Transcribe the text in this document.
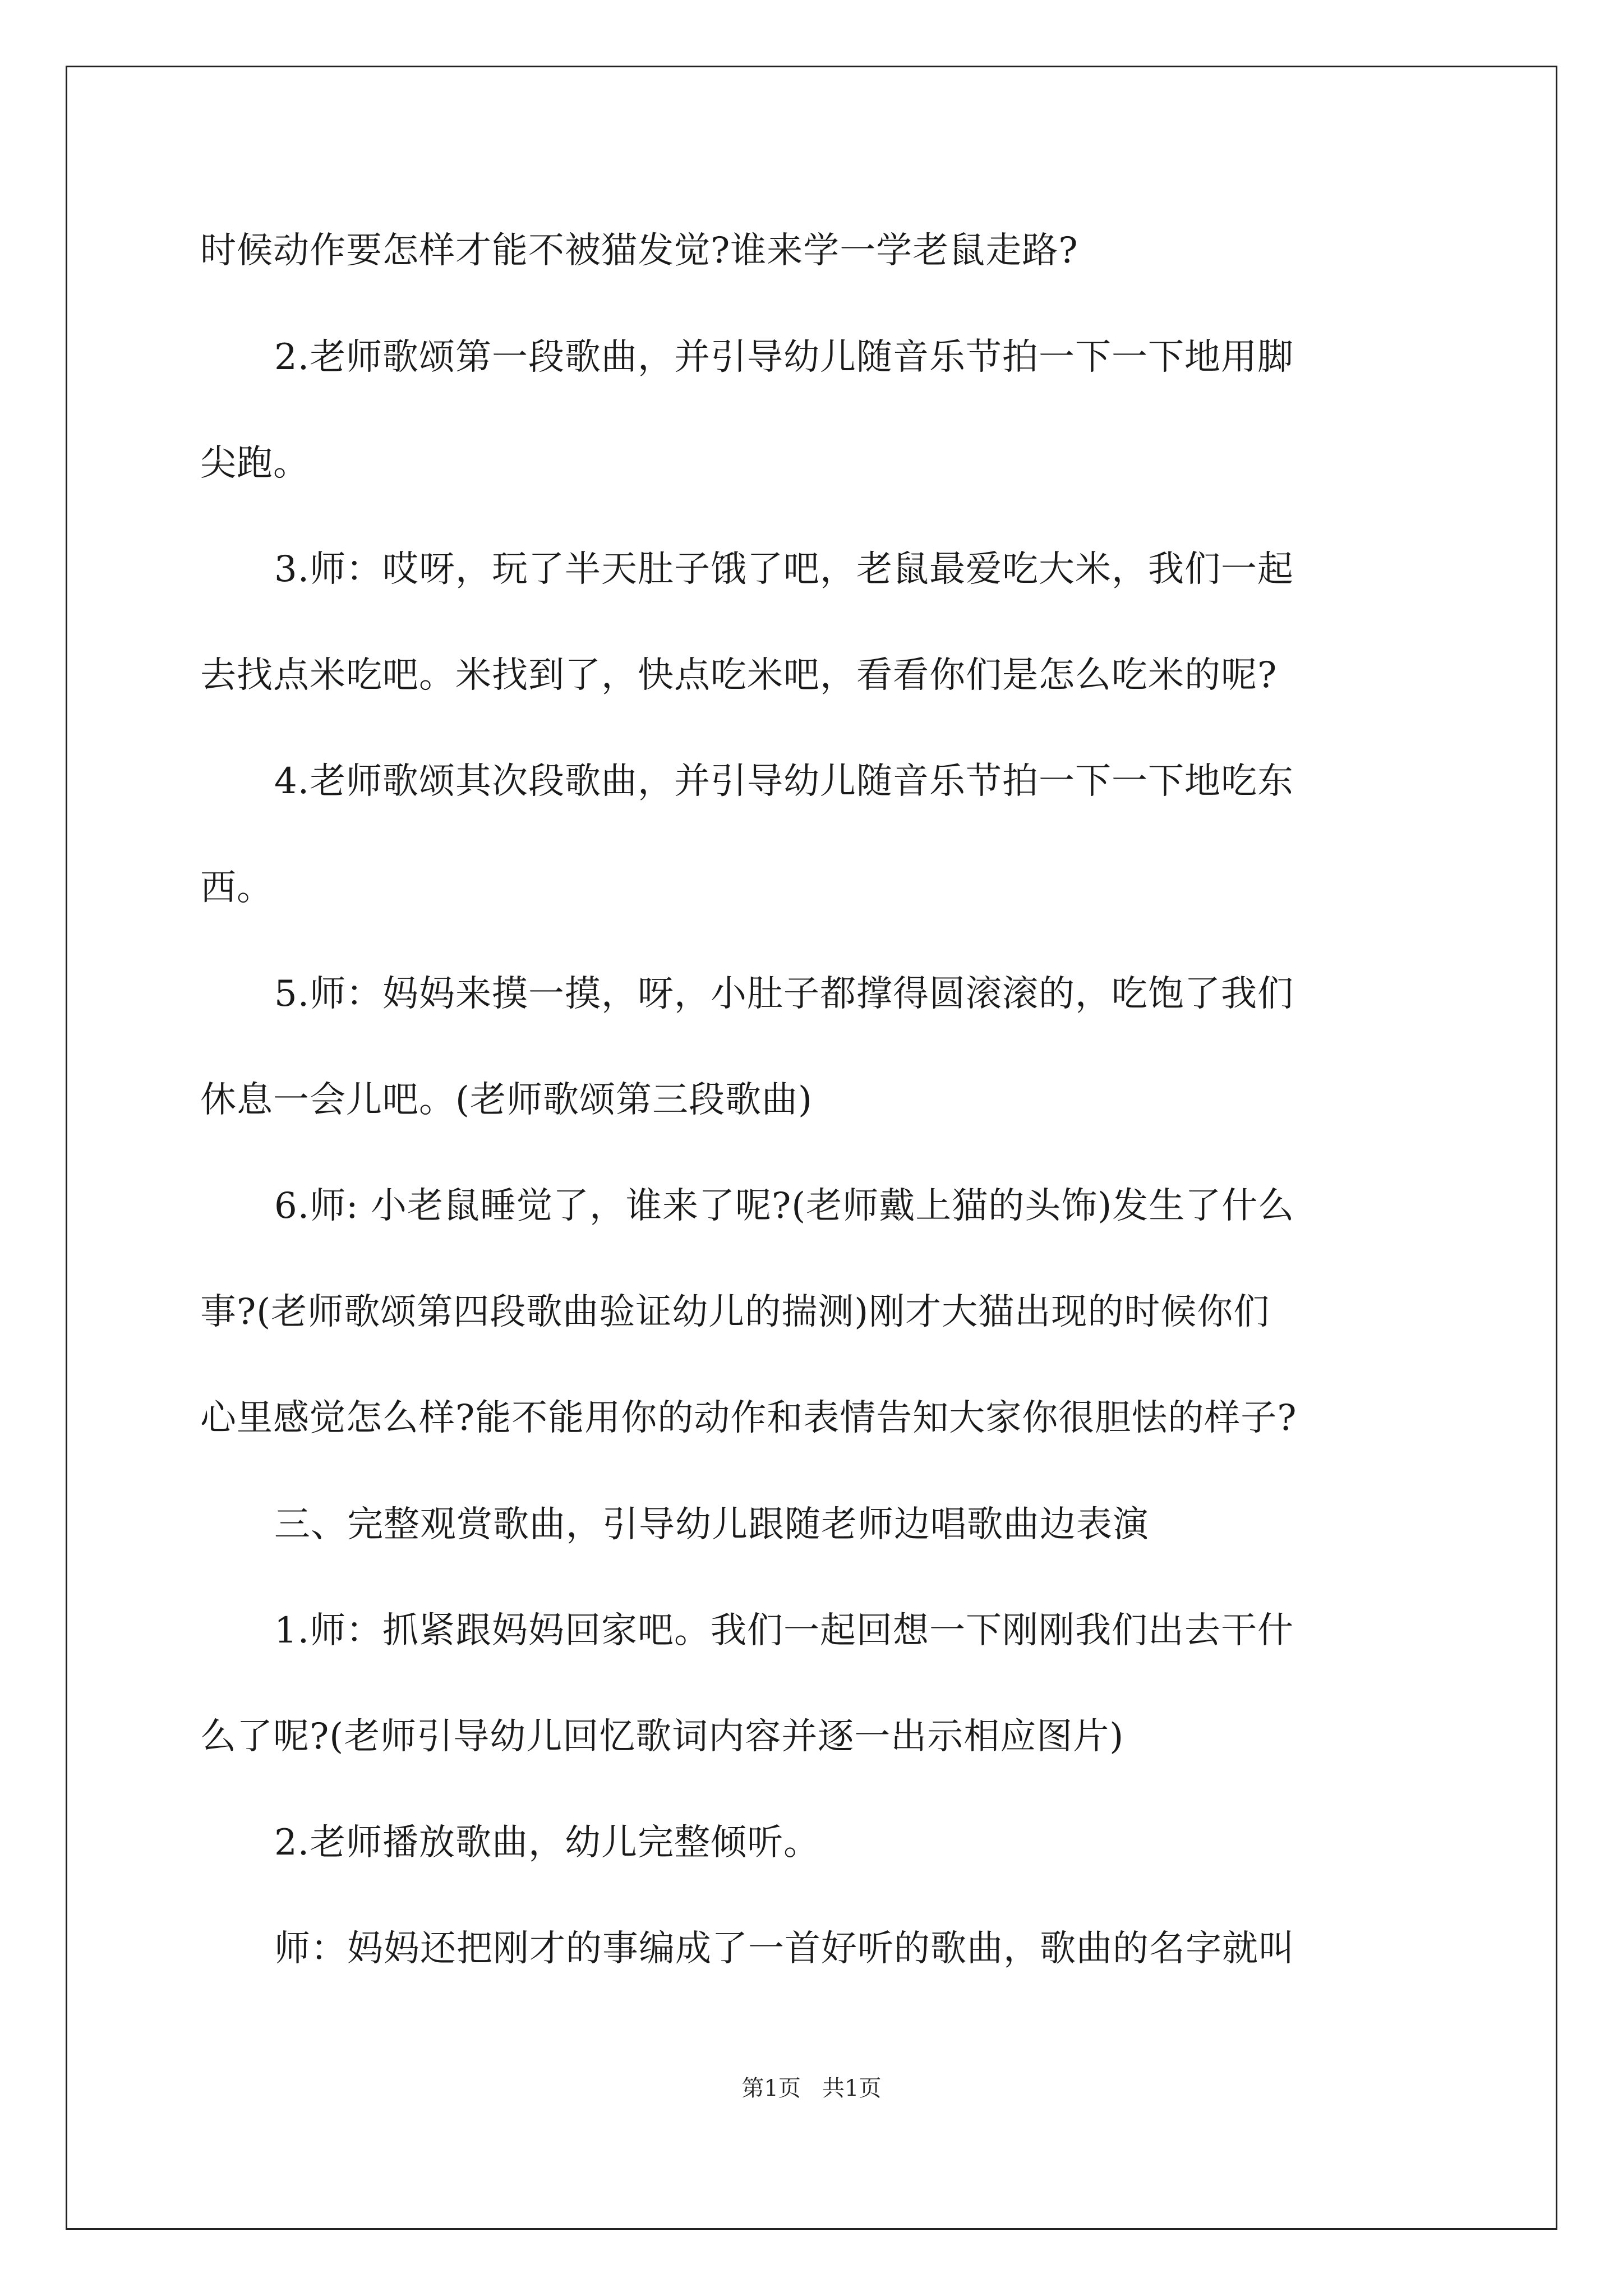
时候动作要怎样才能不被猫发觉?谁来学一学老鼠走路?
2.老师歌颂第一段歌曲，并引导幼儿随音乐节拍一下一下地用脚
尖跑。
3.师：哎呀，玩了半天肚子饿了吧，老鼠最爱吃大米，我们一起
去找点米吃吧。米找到了，快点吃米吧，看看你们是怎么吃米的呢?
4.老师歌颂其次段歌曲，并引导幼儿随音乐节拍一下一下地吃东
西。
5.师：妈妈来摸一摸，呀，小肚子都撑得圆滚滚的，吃饱了我们
休息一会儿吧。(老师歌颂第三段歌曲)
6.师: 小老鼠睡觉了，谁来了呢?(老师戴上猫的头饰)发生了什么
事?(老师歌颂第四段歌曲验证幼儿的揣测)刚才大猫出现的时候你们
心里感觉怎么样?能不能用你的动作和表情告知大家你很胆怯的样子?
三、完整观赏歌曲，引导幼儿跟随老师边唱歌曲边表演
1.师：抓紧跟妈妈回家吧。我们一起回想一下刚刚我们出去干什
么了呢?(老师引导幼儿回忆歌词内容并逐一出示相应图片)
2.老师播放歌曲，幼儿完整倾听。
师：妈妈还把刚才的事编成了一首好听的歌曲，歌曲的名字就叫
第1页   共1页
